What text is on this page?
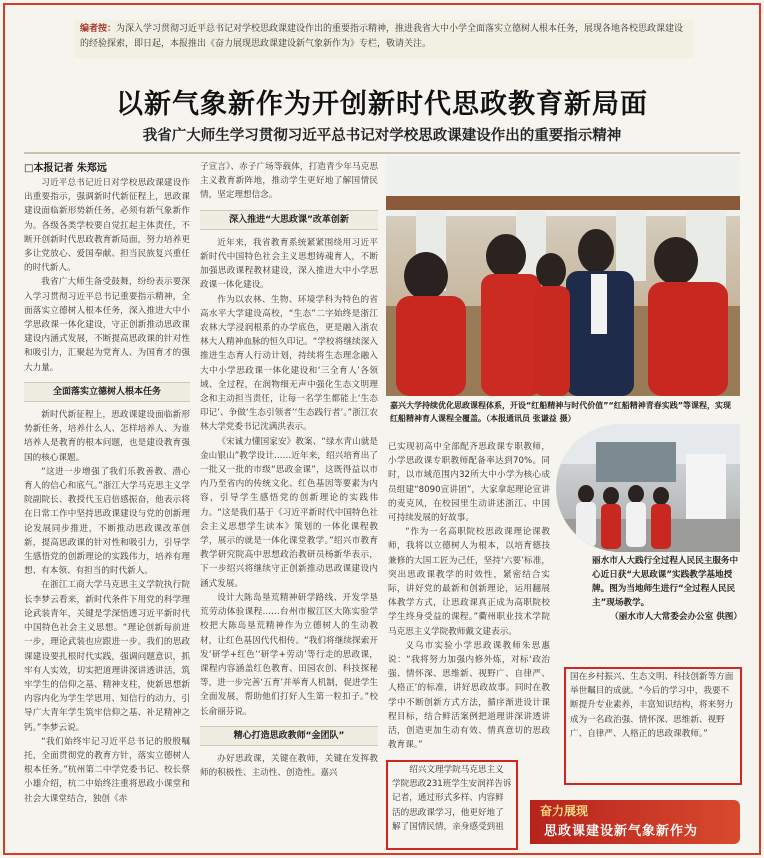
编者按：为深入学习贯彻习近平总书记对学校思政课建设作出的重要指示精神，推进我省大中小学全面落实立德树人根本任务，展现各地各校思政课建设的经验探索，即日起，本报推出《奋力展现思政课建设新气象新作为》专栏，敬请关注。
以新气象新作为开创新时代思政教育新局面
我省广大师生学习贯彻习近平总书记对学校思政课建设作出的重要指示精神
□本报记者 朱郑远

习近平总书记近日对学校思政课建设作出重要指示，强调新时代新征程上，思政课建设面临新形势新任务，必须有新气象新作为。各级各类学校要自觉扛起主体责任，不断开创新时代思政教育新局面，努力培养更多让党放心、爱国奉献、担当民族复兴重任的时代新人。

我省广大师生备受鼓舞，纷纷表示要深入学习贯彻习近平总书记重要指示精神，全面落实立德树人根本任务，深入推进大中小学思政课一体化建设，守正创新推动思政课建设内涵式发展，不断提高思政课的针对性和吸引力，汇聚起为党育人、为国育才的强大力量。

全面落实立德树人根本任务

新时代新征程上，思政课建设面临新形势新任务，培养什么人、怎样培养人、为谁培养人是教育的根本问题，也是建设教育强国的核心课题。

“这进一步增强了我们乐教善教、潜心育人的信心和底气。”浙江大学马克思主义学院副院长、教授代玉启倍感振奋，他表示将在日常工作中坚持思政课建设与党的创新理论发展同步推进，不断推动思政课改革创新，提高思政课的针对性和吸引力，引导学生感悟党的创新理论的实践伟力，培养有理想、有本领、有担当的时代新人。

在浙江工商大学马克思主义学院执行院长李梦云看来，新时代条件下用党的科学理论武装青年，关键是学深悟透习近平新时代中国特色社会主义思想。“理论创新每前进一步，理论武装也应跟进一步。我们的思政课建设要扎根时代实践，强调问题意识，抓牢有人实效，切实把道理讲深讲透讲活，筑牢学生的信仰之基、精神支柱，使新思想新内容内化为学生学思用、知信行的动力，引导广大青年学生筑牢信仰之基、补足精神之钙。”李梦云说。

“我们始终牢记习近平总书记的殷殷嘱托，全面贯彻党的教育方针，落实立德树人根本任务。”杭州第二中学党委书记、校长蔡小雄介绍，杭二中始终注重将思政小课堂和社会大课堂结合，独创《赤

子宣言》、赤子广场等载体，打造青少年马克思主义教育新阵地，推动学生更好地了解国情民情，坚定理想信念。

深入推进“大思政课”改革创新

近年来，我省教育系统紧紧围绕用习近平新时代中国特色社会主义思想铸魂育人，不断加强思政课程教材建设，深入推进大中小学思政课一体化建设。

作为以农林、生物、环境学科为特色的省高水平大学建设高校，“生态”二字始终是浙江农林大学浸润根系的办学底色，更是融入浙农林大人精神血脉的恒久印记。“学校将继续深入推进生态育人行动计划，持续将生态理念融入大中小学思政课一体化建设和‘三全育人’各领域、全过程，在润物细无声中强化生态文明理念和主动担当责任，让每一名学生都能上‘生态印记’、争做‘生态引领者’‘生态践行者’。”浙江农林大学党委书记沈满洪表示。

《宋诚力懂国家安》教案、“绿水青山就是金山银山”教学设计……近年来，绍兴培育出了一批又一批的市级“思政金课”，这既得益以市内乃至省内的传统文化、红色基因等要素为内容，引导学生感悟党的创新理论的实践伟力。“这是我们基于《习近平新时代中国特色社会主义思想学生读本》策划的一体化课程教学，展示的就是一体化课堂教学。”绍兴市教育教学研究院高中思想政治教研员杨新华表示，下一步绍兴将继续守正创新推动思政课建设内涵式发展。

设计大陈岛垦荒精神研学路线、开发学垦荒劳动体验课程……台州市椒江区大陈实验学校把大陈岛垦荒精神作为立德树人的生动教材，让红色基因代代相传。“我们将继续探索开发‘研学+红色’‘研学+劳动’等行走的思政课，课程内容涵盖红色教育、田园农创、科技探秘等，进一步完善‘五育’并举育人机制，促进学生全面发展，帮助他们打好人生第一粒扣子。”校长俞丽芬说。

精心打造思政教师“金团队”

办好思政课，关键在教师，关键在发挥教师的积极性、主动性、创造性。嘉兴

嘉兴大学持续优化思政课程体系，开设“红船精神与时代价值”“红船精神青春实践”等课程，实现红船精神育人课程全覆盖。（本报通讯员 张谦益 摄）

已实现初高中全部配齐思政课专职教师，小学思政课专职教师配备率达到70%。同时，以市域范围内32所大中小学为核心成员组建“8090宣讲团”，大家拿起理论宣讲的麦克风，在校园里生动讲述浙江、中国可持续发展的好故事。

“作为一名高职院校思政课理论课教师，我将以立德树人为根本，以培育德技兼修的大国工匠为己任，坚持‘六要’标准，突出思政课教学的时效性，紧密结合实际，讲好党的最新和创新理论，运用翻展体教学方式，让思政课真正成为高职院校学生终身受益的课程。”衢州职业技术学院马克思主义学院教师戴文建表示。

义乌市实验小学思政课教师朱思惠说：“我将努力加强内修外炼，对标‘政治强、情怀深、思维新、视野广、自律严、人格正’的标准，讲好思政故事。同时在教学中不断创新方式方法，循序渐进设计课程目标，结合鲜活案例把道理讲深讲透讲活，创造更加生动有效、情真意切的思政教育课。”

丽水市人大践行全过程人民民主服务中心近日获“大思政课”实践教学基地授牌。图为当地师生进行“全过程人民民主”现场教学。
（丽水市人大常委会办公室 供图）
国在乡村振兴、生态文明、科技创新等方面举世瞩目的成就。“今后的学习中，我要不断提升专业素养，丰富知识结构，将来努力成为一名政治强、情怀深、思维新、视野广、自律严、人格正的思政课教师。”
绍兴文理学院马克思主义学院思政231班学生安润祥告诉记者，通过形式多样、内容鲜活的思政课学习，他更好地了解了国情民情，亲身感受到祖
奋力展现
思政课建设新气象新作为
